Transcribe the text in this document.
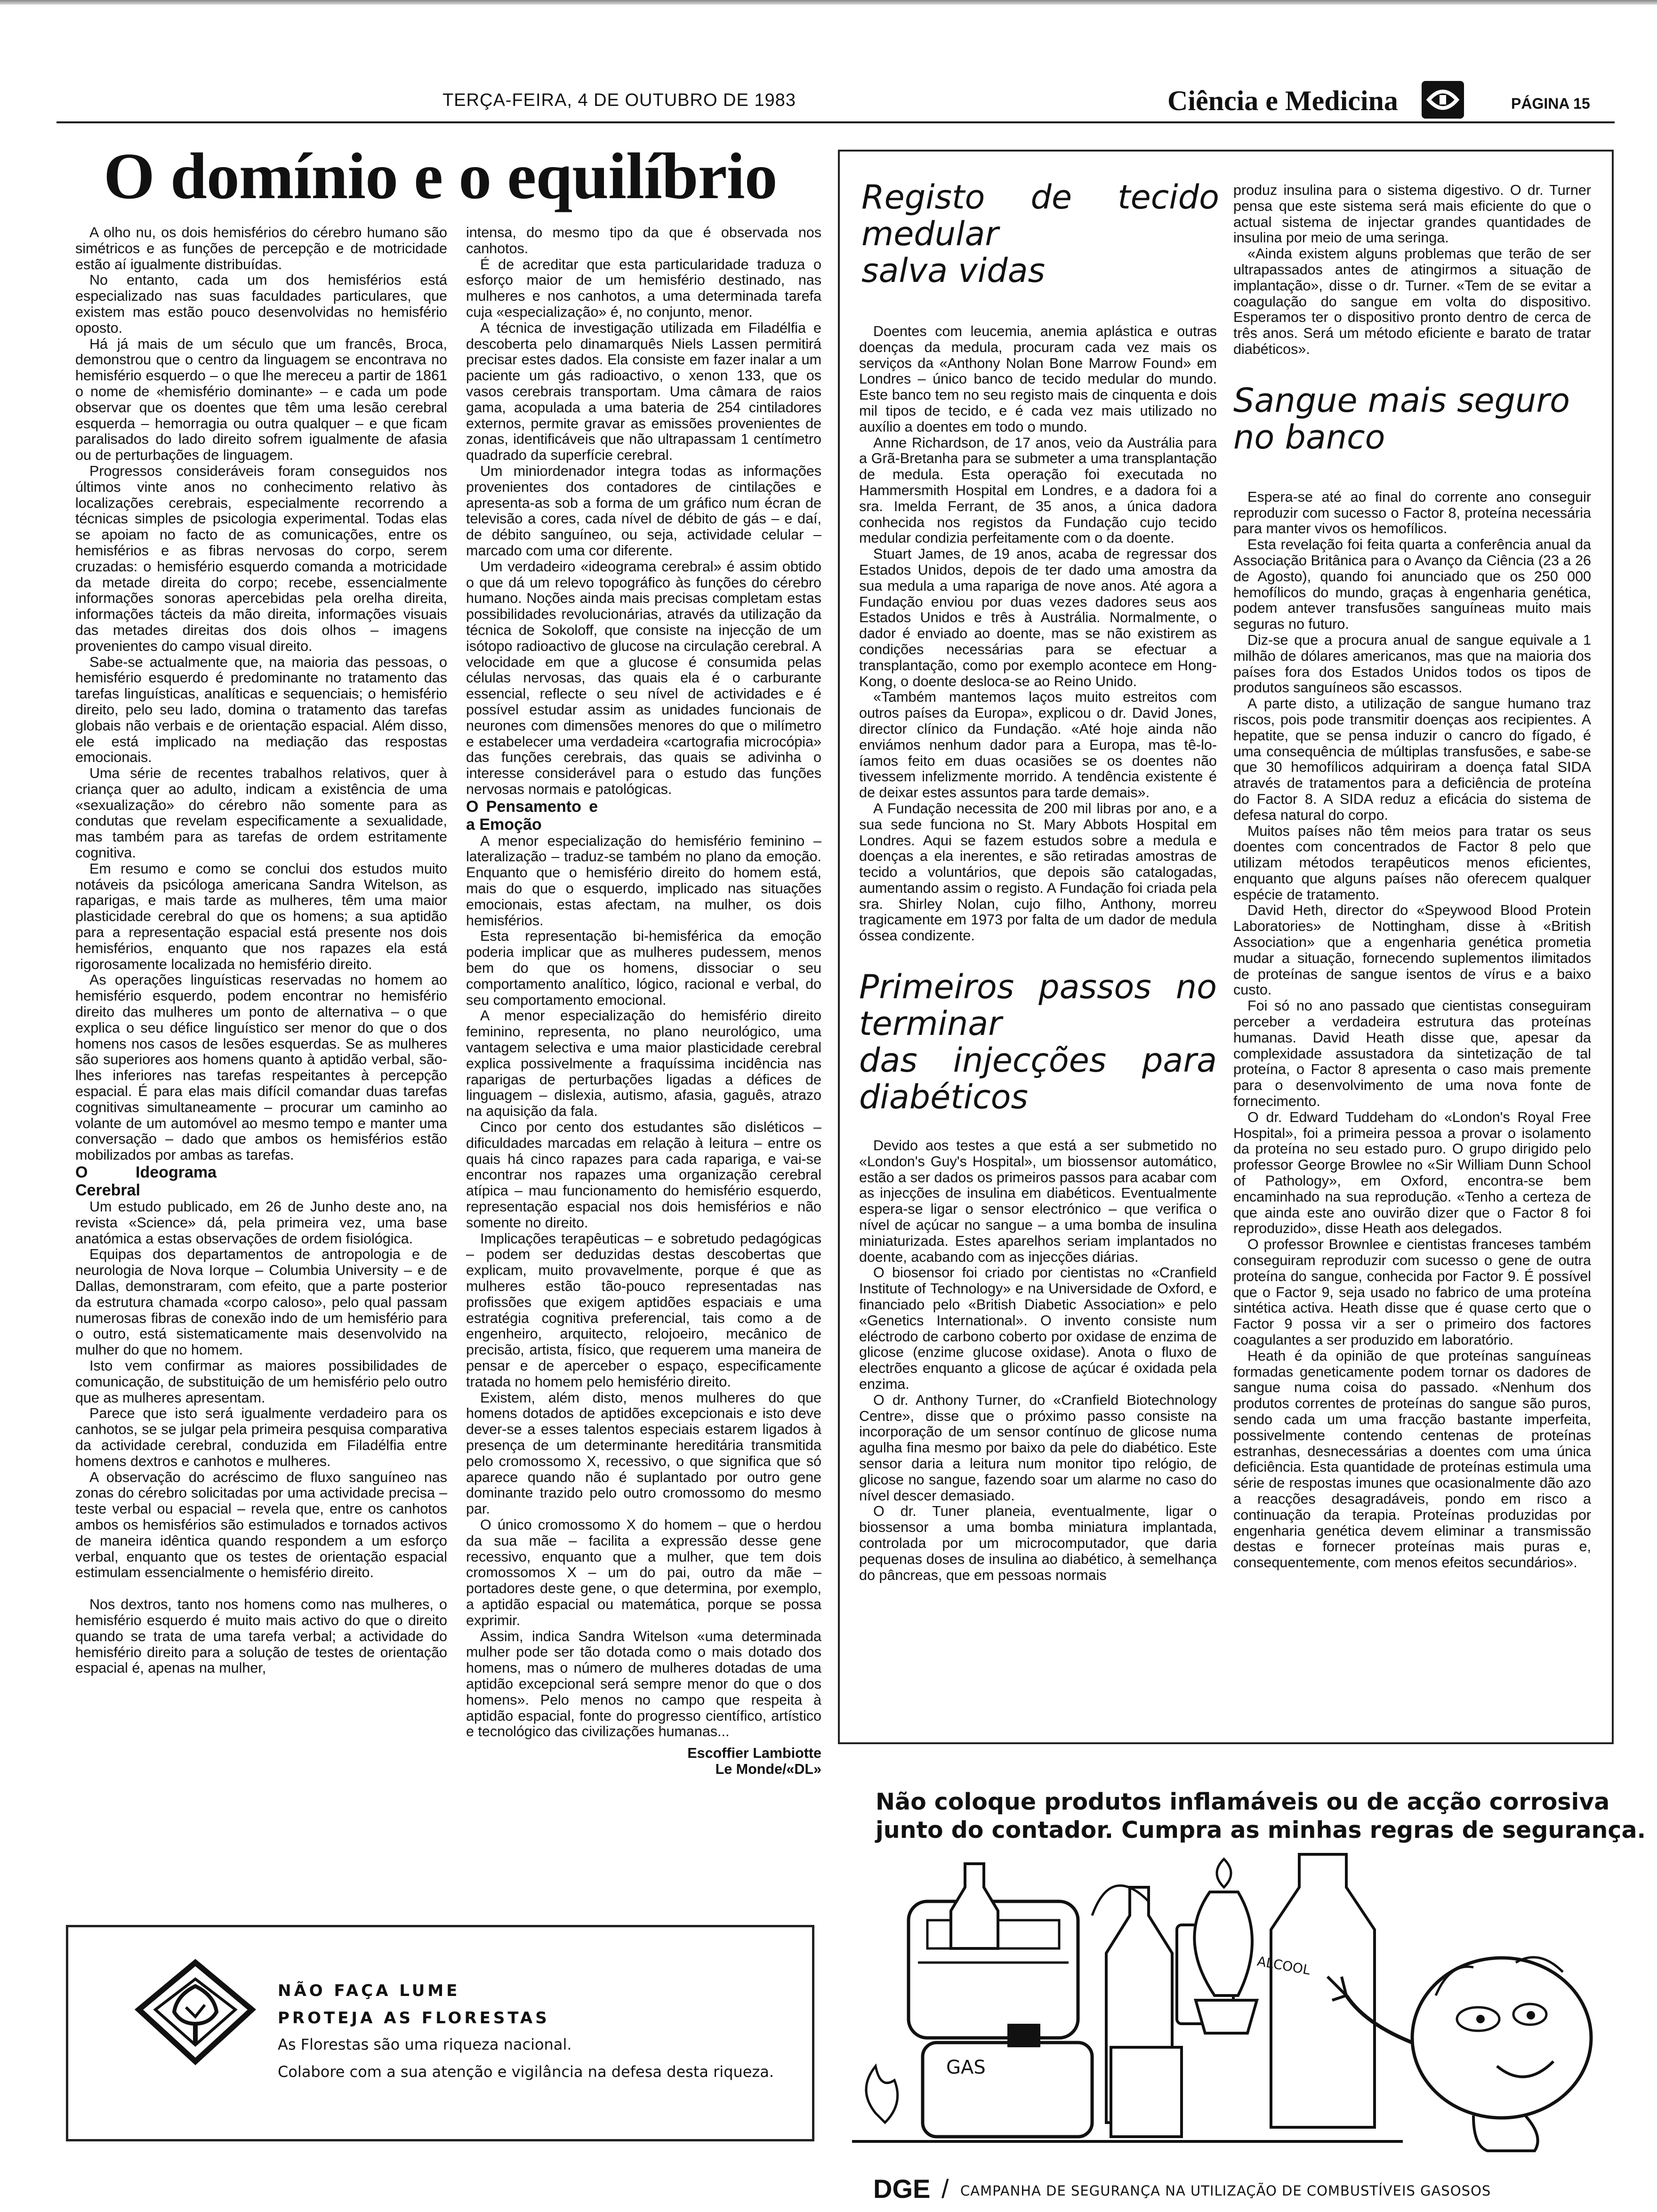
TERÇA-FEIRA, 4 DE OUTUBRO DE 1983	Ciência e Medicina	PÁGINA 15
O domínio e o equilíbrio

A olho nu, os dois hemisférios do cérebro humano são simétricos e as funções de percepção e de motricidade estão aí igualmente distribuídas.

No entanto, cada um dos hemisférios está especializado nas suas faculdades particulares, que existem mas estão pouco desenvolvidas no hemisfério oposto.

Há já mais de um século que um francês, Broca, demonstrou que o centro da linguagem se encontrava no hemisfério esquerdo – o que lhe mereceu a partir de 1861 o nome de «hemisfério dominante» – e cada um pode observar que os doentes que têm uma lesão cerebral esquerda – hemorragia ou outra qualquer – e que ficam paralisados do lado direito sofrem igualmente de afasia ou de perturbações de linguagem.

Progressos consideráveis foram conseguidos nos últimos vinte anos no conhecimento relativo às localizações cerebrais, especialmente recorrendo a técnicas simples de psicologia experimental. Todas elas se apoiam no facto de as comunicações, entre os hemisférios e as fibras nervosas do corpo, serem cruzadas: o hemisfério esquerdo comanda a motricidade da metade direita do corpo; recebe, essencialmente informações sonoras apercebidas pela orelha direita, informações tácteis da mão direita, informações visuais das metades direitas dos dois olhos – imagens provenientes do campo visual direito.

Sabe-se actualmente que, na maioria das pessoas, o hemisfério esquerdo é predominante no tratamento das tarefas linguísticas, analíticas e sequenciais; o hemisfério direito, pelo seu lado, domina o tratamento das tarefas globais não verbais e de orientação espacial. Além disso, ele está implicado na mediação das respostas emocionais.

Uma série de recentes trabalhos relativos, quer à criança quer ao adulto, indicam a existência de uma «sexualização» do cérebro não somente para as condutas que revelam especificamente a sexualidade, mas também para as tarefas de ordem estritamente cognitiva.

Em resumo e como se conclui dos estudos muito notáveis da psicóloga americana Sandra Witelson, as raparigas, e mais tarde as mulheres, têm uma maior plasticidade cerebral do que os homens; a sua aptidão para a representação espacial está presente nos dois hemisférios, enquanto que nos rapazes ela está rigorosamente localizada no hemisfério direito.

As operações linguísticas reservadas no homem ao hemisfério esquerdo, podem encontrar no hemisfério direito das mulheres um ponto de alternativa – o que explica o seu défice linguístico ser menor do que o dos homens nos casos de lesões esquerdas. Se as mulheres são superiores aos homens quanto à aptidão verbal, são-lhes inferiores nas tarefas respeitantes à percepção espacial. É para elas mais difícil comandar duas tarefas cognitivas simultaneamente – procurar um caminho ao volante de um automóvel ao mesmo tempo e manter uma conversação – dado que ambos os hemisférios estão mobilizados por ambas as tarefas.

O Ideograma Cerebral

Um estudo publicado, em 26 de Junho deste ano, na revista «Science» dá, pela primeira vez, uma base anatómica a estas observações de ordem fisiológica.

Equipas dos departamentos de antropologia e de neurologia de Nova Iorque – Columbia University – e de Dallas, demonstraram, com efeito, que a parte posterior da estrutura chamada «corpo caloso», pelo qual passam numerosas fibras de conexão indo de um hemisfério para o outro, está sistematicamente mais desenvolvido na mulher do que no homem.

Isto vem confirmar as maiores possibilidades de comunicação, de substituição de um hemisfério pelo outro que as mulheres apresentam.

Parece que isto será igualmente verdadeiro para os canhotos, se se julgar pela primeira pesquisa comparativa da actividade cerebral, conduzida em Filadélfia entre homens dextros e canhotos e mulheres.

A observação do acréscimo de fluxo sanguíneo nas zonas do cérebro solicitadas por uma actividade precisa – teste verbal ou espacial – revela que, entre os canhotos ambos os hemisférios são estimulados e tornados activos de maneira idêntica quando respondem a um esforço verbal, enquanto que os testes de orientação espacial estimulam essencialmente o hemisfério direito.

Nos dextros, tanto nos homens como nas mulheres, o hemisfério esquerdo é muito mais activo do que o direito quando se trata de uma tarefa verbal; a actividade do hemisfério direito para a solução de testes de orientação espacial é, apenas na mulher,

intensa, do mesmo tipo da que é observada nos canhotos.

É de acreditar que esta particularidade traduza o esforço maior de um hemisfério destinado, nas mulheres e nos canhotos, a uma determinada tarefa cuja «especialização» é, no conjunto, menor.

A técnica de investigação utilizada em Filadélfia e descoberta pelo dinamarquês Niels Lassen permitirá precisar estes dados. Ela consiste em fazer inalar a um paciente um gás radioactivo, o xenon 133, que os vasos cerebrais transportam. Uma câmara de raios gama, acopulada a uma bateria de 254 cintiladores externos, permite gravar as emissões provenientes de zonas, identificáveis que não ultrapassam 1 centímetro quadrado da superfície cerebral.

Um miniordenador integra todas as informações provenientes dos contadores de cintilações e apresenta-as sob a forma de um gráfico num écran de televisão a cores, cada nível de débito de gás – e daí, de débito sanguíneo, ou seja, actividade celular – marcado com uma cor diferente.

Um verdadeiro «ideograma cerebral» é assim obtido o que dá um relevo topográfico às funções do cérebro humano. Noções ainda mais precisas completam estas possibilidades revolucionárias, através da utilização da técnica de Sokoloff, que consiste na injecção de um isótopo radioactivo de glucose na circulação cerebral. A velocidade em que a glucose é consumida pelas células nervosas, das quais ela é o carburante essencial, reflecte o seu nível de actividades e é possível estudar assim as unidades funcionais de neurones com dimensões menores do que o milímetro e estabelecer uma verdadeira «cartografia microcópia» das funções cerebrais, das quais se adivinha o interesse considerável para o estudo das funções nervosas normais e patológicas.

O Pensamento e a Emoção

A menor especialização do hemisfério feminino – lateralização – traduz-se também no plano da emoção. Enquanto que o hemisfério direito do homem está, mais do que o esquerdo, implicado nas situações emocionais, estas afectam, na mulher, os dois hemisférios.

Esta representação bi-hemisférica da emoção poderia implicar que as mulheres pudessem, menos bem do que os homens, dissociar o seu comportamento analítico, lógico, racional e verbal, do seu comportamento emocional.

A menor especialização do hemisfério direito feminino, representa, no plano neurológico, uma vantagem selectiva e uma maior plasticidade cerebral explica possivelmente a fraquíssima incidência nas raparigas de perturbações ligadas a défices de linguagem – dislexia, autismo, afasia, gaguês, atrazo na aquisição da fala.

Cinco por cento dos estudantes são disléticos – dificuldades marcadas em relação à leitura – entre os quais há cinco rapazes para cada rapariga, e vai-se encontrar nos rapazes uma organização cerebral atípica – mau funcionamento do hemisfério esquerdo, representação espacial nos dois hemisférios e não somente no direito.

Implicações terapêuticas – e sobretudo pedagógicas – podem ser deduzidas destas descobertas que explicam, muito provavelmente, porque é que as mulheres estão tão-pouco representadas nas profissões que exigem aptidões espaciais e uma estratégia cognitiva preferencial, tais como a de engenheiro, arquitecto, relojoeiro, mecânico de precisão, artista, físico, que requerem uma maneira de pensar e de aperceber o espaço, especificamente tratada no homem pelo hemisfério direito.

Existem, além disto, menos mulheres do que homens dotados de aptidões excepcionais e isto deve dever-se a esses talentos especiais estarem ligados à presença de um determinante hereditária transmitida pelo cromossomo X, recessivo, o que significa que só aparece quando não é suplantado por outro gene dominante trazido pelo outro cromossomo do mesmo par.

O único cromossomo X do homem – que o herdou da sua mãe – facilita a expressão desse gene recessivo, enquanto que a mulher, que tem dois cromossomos X – um do pai, outro da mãe – portadores deste gene, o que determina, por exemplo, a aptidão espacial ou matemática, porque se possa exprimir.

Assim, indica Sandra Witelson «uma determinada mulher pode ser tão dotada como o mais dotado dos homens, mas o número de mulheres dotadas de uma aptidão excepcional será sempre menor do que o dos homens». Pelo menos no campo que respeita à aptidão espacial, fonte do progresso científico, artístico e tecnológico das civilizações humanas...

Escoffier Lambiotte

Le Monde/«DL»

Registo de tecido
medular
salva vidas

Doentes com leucemia, anemia aplástica e outras doenças da medula, procuram cada vez mais os serviços da «Anthony Nolan Bone Marrow Found» em Londres – único banco de tecido medular do mundo. Este banco tem no seu registo mais de cinquenta e dois mil tipos de tecido, e é cada vez mais utilizado no auxílio a doentes em todo o mundo.

Anne Richardson, de 17 anos, veio da Austrália para a Grã-Bretanha para se submeter a uma transplantação de medula. Esta operação foi executada no Hammersmith Hospital em Londres, e a dadora foi a sra. Imelda Ferrant, de 35 anos, a única dadora conhecida nos registos da Fundação cujo tecido medular condizia perfeitamente com o da doente.

Stuart James, de 19 anos, acaba de regressar dos Estados Unidos, depois de ter dado uma amostra da sua medula a uma rapariga de nove anos. Até agora a Fundação enviou por duas vezes dadores seus aos Estados Unidos e três à Austrália. Normalmente, o dador é enviado ao doente, mas se não existirem as condições necessárias para se efectuar a transplantação, como por exemplo acontece em Hong-Kong, o doente desloca-se ao Reino Unido.

«Também mantemos laços muito estreitos com outros países da Europa», explicou o dr. David Jones, director clínico da Fundação. «Até hoje ainda não enviámos nenhum dador para a Europa, mas tê-lo-íamos feito em duas ocasiões se os doentes não tivessem infelizmente morrido. A tendência existente é de deixar estes assuntos para tarde demais».

A Fundação necessita de 200 mil libras por ano, e a sua sede funciona no St. Mary Abbots Hospital em Londres. Aqui se fazem estudos sobre a medula e doenças a ela inerentes, e são retiradas amostras de tecido a voluntários, que depois são catalogadas, aumentando assim o registo. A Fundação foi criada pela sra. Shirley Nolan, cujo filho, Anthony, morreu tragicamente em 1973 por falta de um dador de medula óssea condizente.

Primeiros passos no
terminar
das injecções para
diabéticos

Devido aos testes a que está a ser submetido no «London's Guy's Hospital», um biossensor automático, estão a ser dados os primeiros passos para acabar com as injecções de insulina em diabéticos. Eventualmente espera-se ligar o sensor electrónico – que verifica o nível de açúcar no sangue – a uma bomba de insulina miniaturizada. Estes aparelhos seriam implantados no doente, acabando com as injecções diárias.

O biosensor foi criado por cientistas no «Cranfield Institute of Technology» e na Universidade de Oxford, e financiado pelo «British Diabetic Association» e pelo «Genetics International». O invento consiste num eléctrodo de carbono coberto por oxidase de enzima de glicose (enzime glucose oxidase). Anota o fluxo de electrões enquanto a glicose de açúcar é oxidada pela enzima.

O dr. Anthony Turner, do «Cranfield Biotechnology Centre», disse que o próximo passo consiste na incorporação de um sensor contínuo de glicose numa agulha fina mesmo por baixo da pele do diabético. Este sensor daria a leitura num monitor tipo relógio, de glicose no sangue, fazendo soar um alarme no caso do nível descer demasiado.

O dr. Tuner planeia, eventualmente, ligar o biossensor a uma bomba miniatura implantada, controlada por um microcomputador, que daria pequenas doses de insulina ao diabético, à semelhança do pâncreas, que em pessoas normais

produz insulina para o sistema digestivo. O dr. Turner pensa que este sistema será mais eficiente do que o actual sistema de injectar grandes quantidades de insulina por meio de uma seringa.

«Ainda existem alguns problemas que terão de ser ultrapassados antes de atingirmos a situação de implantação», disse o dr. Turner. «Tem de se evitar a coagulação do sangue em volta do dispositivo. Esperamos ter o dispositivo pronto dentro de cerca de três anos. Será um método eficiente e barato de tratar diabéticos».

Sangue mais seguro
no banco

Espera-se até ao final do corrente ano conseguir reproduzir com sucesso o Factor 8, proteína necessária para manter vivos os hemofílicos.

Esta revelação foi feita quarta a conferência anual da Associação Britânica para o Avanço da Ciência (23 a 26 de Agosto), quando foi anunciado que os 250 000 hemofílicos do mundo, graças à engenharia genética, podem antever transfusões sanguíneas muito mais seguras no futuro.

Diz-se que a procura anual de sangue equivale a 1 milhão de dólares americanos, mas que na maioria dos países fora dos Estados Unidos todos os tipos de produtos sanguíneos são escassos.

A parte disto, a utilização de sangue humano traz riscos, pois pode transmitir doenças aos recipientes. A hepatite, que se pensa induzir o cancro do fígado, é uma consequência de múltiplas transfusões, e sabe-se que 30 hemofílicos adquiriram a doença fatal SIDA através de tratamentos para a deficiência de proteína do Factor 8. A SIDA reduz a eficácia do sistema de defesa natural do corpo.

Muitos países não têm meios para tratar os seus doentes com concentrados de Factor 8 pelo que utilizam métodos terapêuticos menos eficientes, enquanto que alguns países não oferecem qualquer espécie de tratamento.

David Heth, director do «Speywood Blood Protein Laboratories» de Nottingham, disse à «British Association» que a engenharia genética prometia mudar a situação, fornecendo suplementos ilimitados de proteínas de sangue isentos de vírus e a baixo custo.

Foi só no ano passado que cientistas conseguiram perceber a verdadeira estrutura das proteínas humanas. David Heath disse que, apesar da complexidade assustadora da sintetização de tal proteína, o Factor 8 apresenta o caso mais premente para o desenvolvimento de uma nova fonte de fornecimento.

O dr. Edward Tuddeham do «London's Royal Free Hospital», foi a primeira pessoa a provar o isolamento da proteína no seu estado puro. O grupo dirigido pelo professor George Browlee no «Sir William Dunn School of Pathology», em Oxford, encontra-se bem encaminhado na sua reprodução. «Tenho a certeza de que ainda este ano ouvirão dizer que o Factor 8 foi reproduzido», disse Heath aos delegados.

O professor Brownlee e cientistas franceses também conseguiram reproduzir com sucesso o gene de outra proteína do sangue, conhecida por Factor 9. É possível que o Factor 9, seja usado no fabrico de uma proteína sintética activa. Heath disse que é quase certo que o Factor 9 possa vir a ser o primeiro dos factores coagulantes a ser produzido em laboratório.

Heath é da opinião de que proteínas sanguíneas formadas geneticamente podem tornar os dadores de sangue numa coisa do passado. «Nenhum dos produtos correntes de proteínas do sangue são puros, sendo cada um uma fracção bastante imperfeita, possivelmente contendo centenas de proteínas estranhas, desnecessárias a doentes com uma única deficiência. Esta quantidade de proteínas estimula uma série de respostas imunes que ocasionalmente dão azo a reacções desagradáveis, pondo em risco a continuação da terapia. Proteínas produzidas por engenharia genética devem eliminar a transmissão destas e fornecer proteínas mais puras e, consequentemente, com menos efeitos secundários».

NÃO FAÇA LUME
PROTEJA AS FLORESTAS
As Florestas são uma riqueza nacional.
Colabore com a sua atenção e vigilância na defesa desta riqueza.
Não coloque produtos inflamáveis ou de acção corrosiva
junto do contador. Cumpra as minhas regras de segurança.
GAS
ALCOOL
DGE / CAMPANHA DE SEGURANÇA NA UTILIZAÇÃO DE COMBUSTÍVEIS GASOSOS
